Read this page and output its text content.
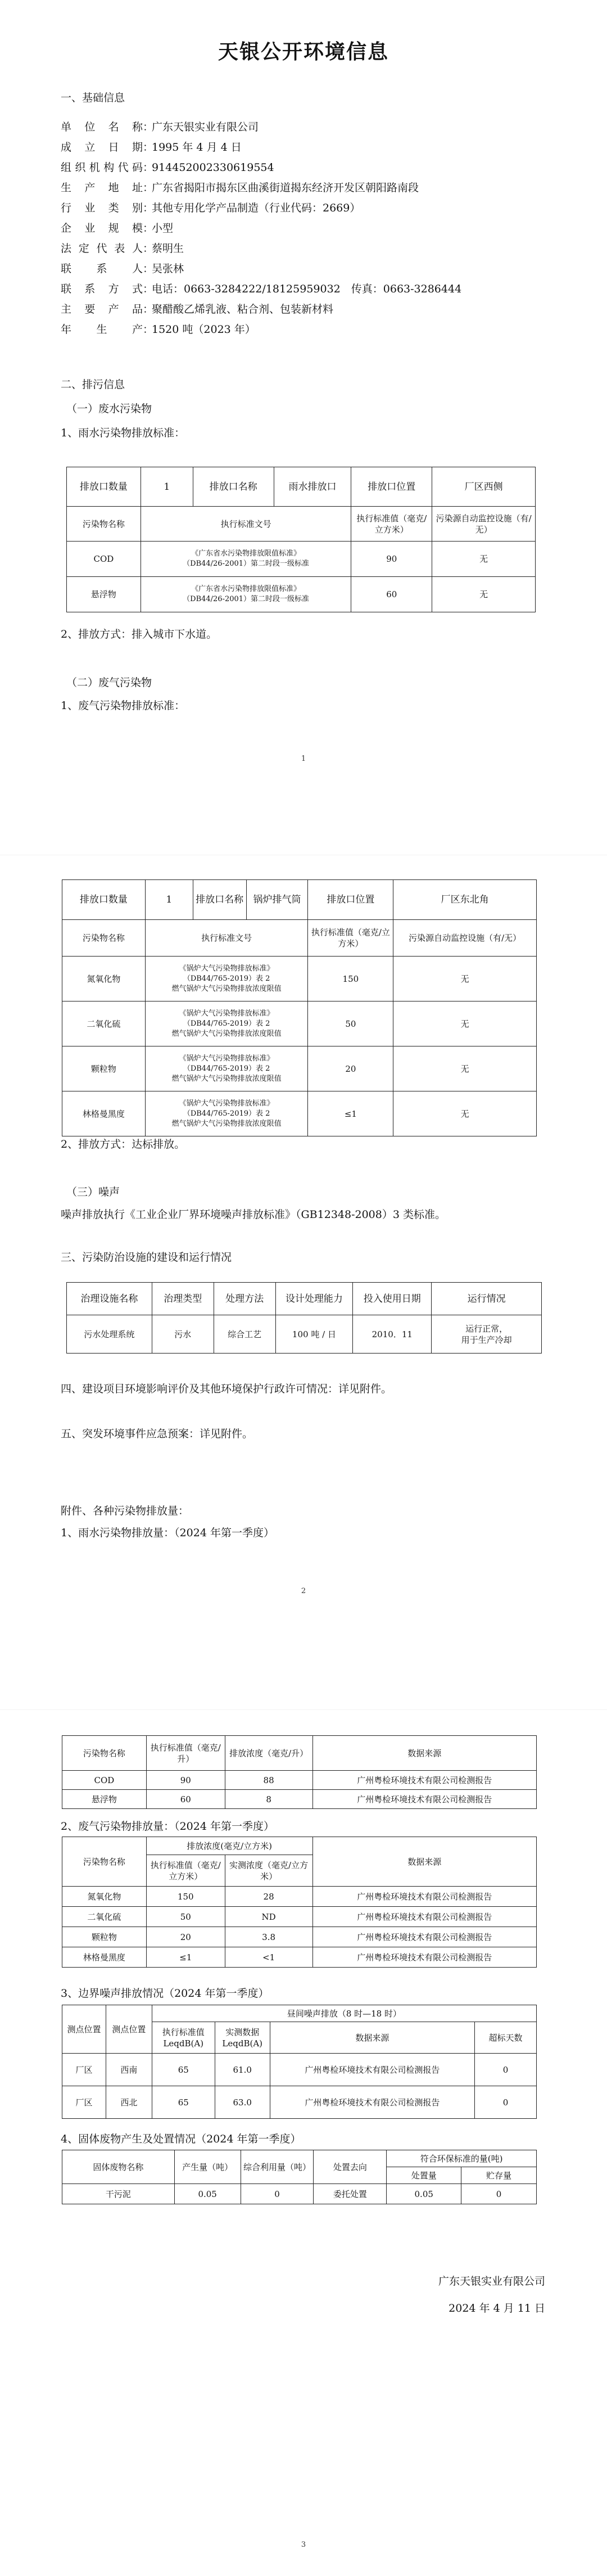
天银公开环境信息
一、基础信息
单位名称：广东天银实业有限公司
成立日期：1995 年 4 月 4 日
组织机构代码：914452002330619554
生产地址：广东省揭阳市揭东区曲溪街道揭东经济开发区朝阳路南段
行业类别：其他专用化学产品制造（行业代码：2669）
企业规模：小型
法定代表人：蔡明生
联系人：吴张林
联系方式：电话：0663-3284222/18125959032　传真：0663-3286444
主要产品：聚醋酸乙烯乳液、粘合剂、包装新材料
年生产：1520 吨（2023 年）
二、排污信息
（一）废水污染物
1、雨水污染物排放标准：
排放口数量	1	排放口名称	雨水排放口	排放口位置	厂区西侧
污染物名称	执行标准文号			执行标准值（毫克/立方米）	污染源自动监控设施（有/无）
COD	《广东省水污染物排放限值标准》
（DB44/26-2001）第二时段一级标准			90	无
悬浮物	《广东省水污染物排放限值标准》
（DB44/26-2001）第二时段一级标准			60	无
2、排放方式：排入城市下水道。
（二）废气污染物
1、废气污染物排放标准：
1
排放口数量	1	排放口名称	锅炉排气筒	排放口位置	厂区东北角
污染物名称	执行标准文号			执行标准值（毫克/立方米）	污染源自动监控设施（有/无）
氮氧化物	《锅炉大气污染物排放标准》
（DB44/765-2019）表 2
燃气锅炉大气污染物排放浓度限值			150	无
二氧化硫	《锅炉大气污染物排放标准》
（DB44/765-2019）表 2
燃气锅炉大气污染物排放浓度限值			50	无
颗粒物	《锅炉大气污染物排放标准》
（DB44/765-2019）表 2
燃气锅炉大气污染物排放浓度限值			20	无
林格曼黑度	《锅炉大气污染物排放标准》
（DB44/765-2019）表 2
燃气锅炉大气污染物排放浓度限值			≤1	无
2、排放方式：达标排放。
（三）噪声
噪声排放执行《工业企业厂界环境噪声排放标准》（GB12348-2008）3 类标准。
三、污染防治设施的建设和运行情况
治理设施名称	治理类型	处理方法	设计处理能力	投入使用日期	运行情况
污水处理系统	污水	综合工艺	100 吨 / 日	2010．11	运行正常，
用于生产冷却
四、建设项目环境影响评价及其他环境保护行政许可情况：详见附件。
五、突发环境事件应急预案：详见附件。
附件、各种污染物排放量：
1、雨水污染物排放量：（2024 年第一季度）
2
污染物名称	执行标准值（毫克/升）	排放浓度（毫克/升）	数据来源
COD	90	88	广州粤检环境技术有限公司检测报告
悬浮物	60	8	广州粤检环境技术有限公司检测报告
2、废气污染物排放量：（2024 年第一季度）
污染物名称	排放浓度(毫克/立方米)		数据来源
	执行标准值（毫克/立方米）	实测浓度（毫克/立方米）	
氮氧化物	150	28	广州粤检环境技术有限公司检测报告
二氧化硫	50	ND	广州粤检环境技术有限公司检测报告
颗粒物	20	3.8	广州粤检环境技术有限公司检测报告
林格曼黑度	≤1	<1	广州粤检环境技术有限公司检测报告
3、边界噪声排放情况（2024 年第一季度）
测点位置	测点位置	昼间噪声排放（8 时—18 时）			
		执行标准值 LeqdB(A)	实测数据 LeqdB(A)	数据来源	超标天数
厂区	西南	65	61.0	广州粤检环境技术有限公司检测报告	0
厂区	西北	65	63.0	广州粤检环境技术有限公司检测报告	0
4、固体废物产生及处置情况（2024 年第一季度）
固体废物名称	产生量（吨）	综合利用量（吨）	处置去向	符合环保标准的量(吨)	
				处置量	贮存量
干污泥	0.05	0	委托处置	0.05	0
广东天银实业有限公司
2024 年 4 月 11 日
3
